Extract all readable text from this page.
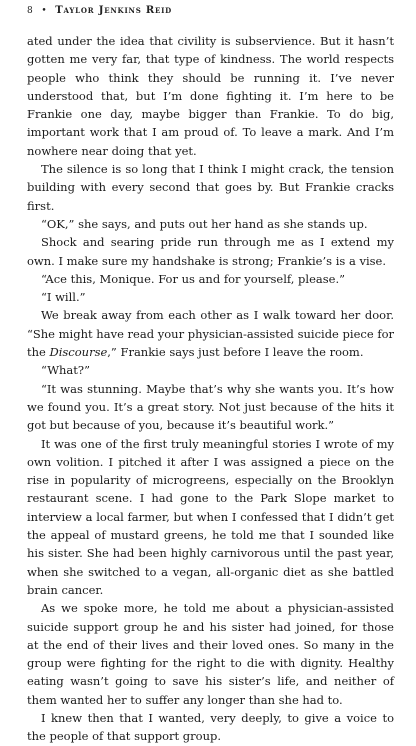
8 • Taylor Jenkins Reid

ated under the idea that civility is subservience. But it hasn’t gotten me very far, that type of kindness. The world respects people who think they should be running it. I’ve never understood that, but I’m done fighting it. I’m here to be Frankie one day, maybe bigger than Frankie. To do big, important work that I am proud of. To leave a mark. And I’m nowhere near doing that yet.

The silence is so long that I think I might crack, the tension building with every second that goes by. But Frankie cracks first.

“OK,” she says, and puts out her hand as she stands up.

Shock and searing pride run through me as I extend my own. I make sure my handshake is strong; Frankie’s is a vise.

“Ace this, Monique. For us and for yourself, please.”

“I will.”

We break away from each other as I walk toward her door. “She might have read your physician-assisted suicide piece for the Discourse,” Frankie says just before I leave the room.

“What?”

“It was stunning. Maybe that’s why she wants you. It’s how we found you. It’s a great story. Not just because of the hits it got but because of you, because it’s beautiful work.”

It was one of the first truly meaningful stories I wrote of my own volition. I pitched it after I was assigned a piece on the rise in popularity of microgreens, especially on the Brooklyn restaurant scene. I had gone to the Park Slope market to interview a local farmer, but when I confessed that I didn’t get the appeal of mustard greens, he told me that I sounded like his sister. She had been highly carnivorous until the past year, when she switched to a vegan, all-organic diet as she battled brain cancer.

As we spoke more, he told me about a physician-assisted suicide support group he and his sister had joined, for those at the end of their lives and their loved ones. So many in the group were fighting for the right to die with dignity. Healthy eating wasn’t going to save his sister’s life, and neither of them wanted her to suffer any longer than she had to.

I knew then that I wanted, very deeply, to give a voice to the people of that support group.
